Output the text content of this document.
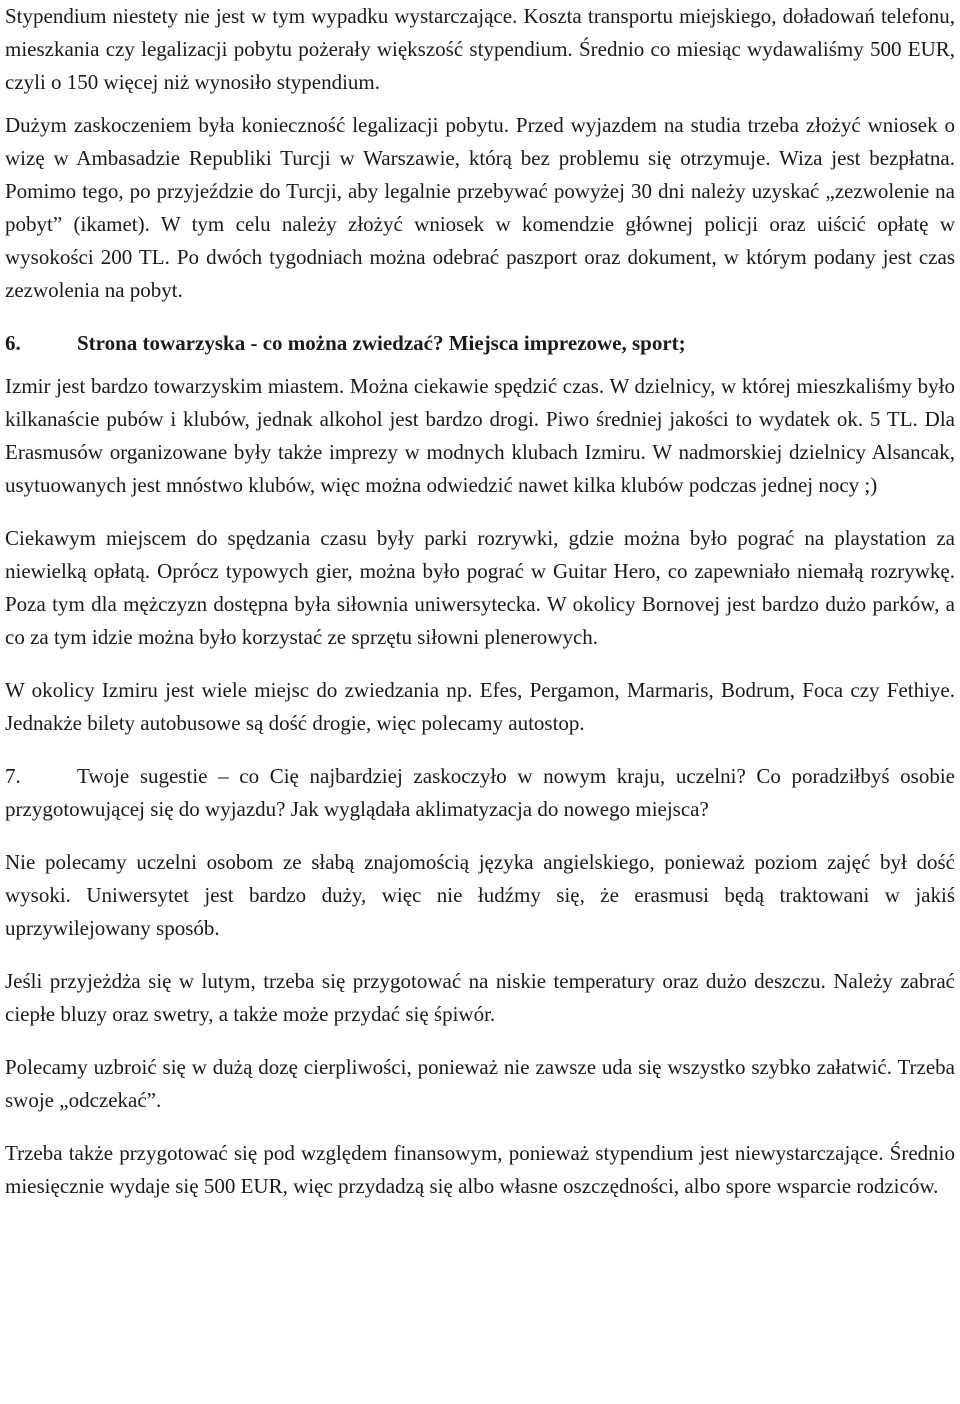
Stypendium niestety nie jest w tym wypadku wystarczające. Koszta transportu miejskiego, doładowań telefonu, mieszkania czy legalizacji pobytu pożerały większość stypendium. Średnio co miesiąc wydawaliśmy 500 EUR, czyli o 150 więcej niż wynosiło stypendium.

Dużym zaskoczeniem była konieczność legalizacji pobytu. Przed wyjazdem na studia trzeba złożyć wniosek o wizę w Ambasadzie Republiki Turcji w Warszawie, którą bez problemu się otrzymuje. Wiza jest bezpłatna. Pomimo tego, po przyjeździe do Turcji, aby legalnie przebywać powyżej 30 dni należy uzyskać „zezwolenie na pobyt” (ikamet). W tym celu należy złożyć wniosek w komendzie głównej policji oraz uiścić opłatę w wysokości 200 TL. Po dwóch tygodniach można odebrać paszport oraz dokument, w którym podany jest czas zezwolenia na pobyt.

6.	Strona towarzyska - co można zwiedzać? Miejsca imprezowe, sport;

Izmir jest bardzo towarzyskim miastem. Można ciekawie spędzić czas. W dzielnicy, w której mieszkaliśmy było kilkanaście pubów i klubów, jednak alkohol jest bardzo drogi. Piwo średniej jakości to wydatek ok. 5 TL. Dla Erasmusów organizowane były także imprezy w modnych klubach Izmiru. W nadmorskiej dzielnicy Alsancak, usytuowanych jest mnóstwo klubów, więc można odwiedzić nawet kilka klubów podczas jednej nocy ;)

Ciekawym miejscem do spędzania czasu były parki rozrywki, gdzie można było pograć na playstation za niewielką opłatą. Oprócz typowych gier, można było pograć w Guitar Hero, co zapewniało niemałą rozrywkę. Poza tym dla mężczyzn dostępna była siłownia uniwersytecka. W okolicy Bornovej jest bardzo dużo parków, a co za tym idzie można było korzystać ze sprzętu siłowni plenerowych.

W okolicy Izmiru jest wiele miejsc do zwiedzania np. Efes, Pergamon, Marmaris, Bodrum, Foca czy Fethiye. Jednakże bilety autobusowe są dość drogie, więc polecamy autostop.

7.	Twoje sugestie – co Cię najbardziej zaskoczyło w nowym kraju, uczelni? Co poradziłbyś osobie przygotowującej się do wyjazdu? Jak wyglądała aklimatyzacja do nowego miejsca?

Nie polecamy uczelni osobom ze słabą znajomością języka angielskiego, ponieważ poziom zajęć był dość wysoki. Uniwersytet jest bardzo duży, więc nie łudźmy się, że erasmusi będą traktowani w jakiś uprzywilejowany sposób.

Jeśli przyjeżdża się w lutym, trzeba się przygotować na niskie temperatury oraz dużo deszczu. Należy zabrać ciepłe bluzy oraz swetry, a także może przydać się śpiwór.

Polecamy uzbroić się w dużą dozę cierpliwości, ponieważ nie zawsze uda się wszystko szybko załatwić. Trzeba swoje „odczekać”.

Trzeba także przygotować się pod względem finansowym, ponieważ stypendium jest niewystarczające. Średnio miesięcznie wydaje się 500 EUR, więc przydadzą się albo własne oszczędności, albo spore wsparcie rodziców.
